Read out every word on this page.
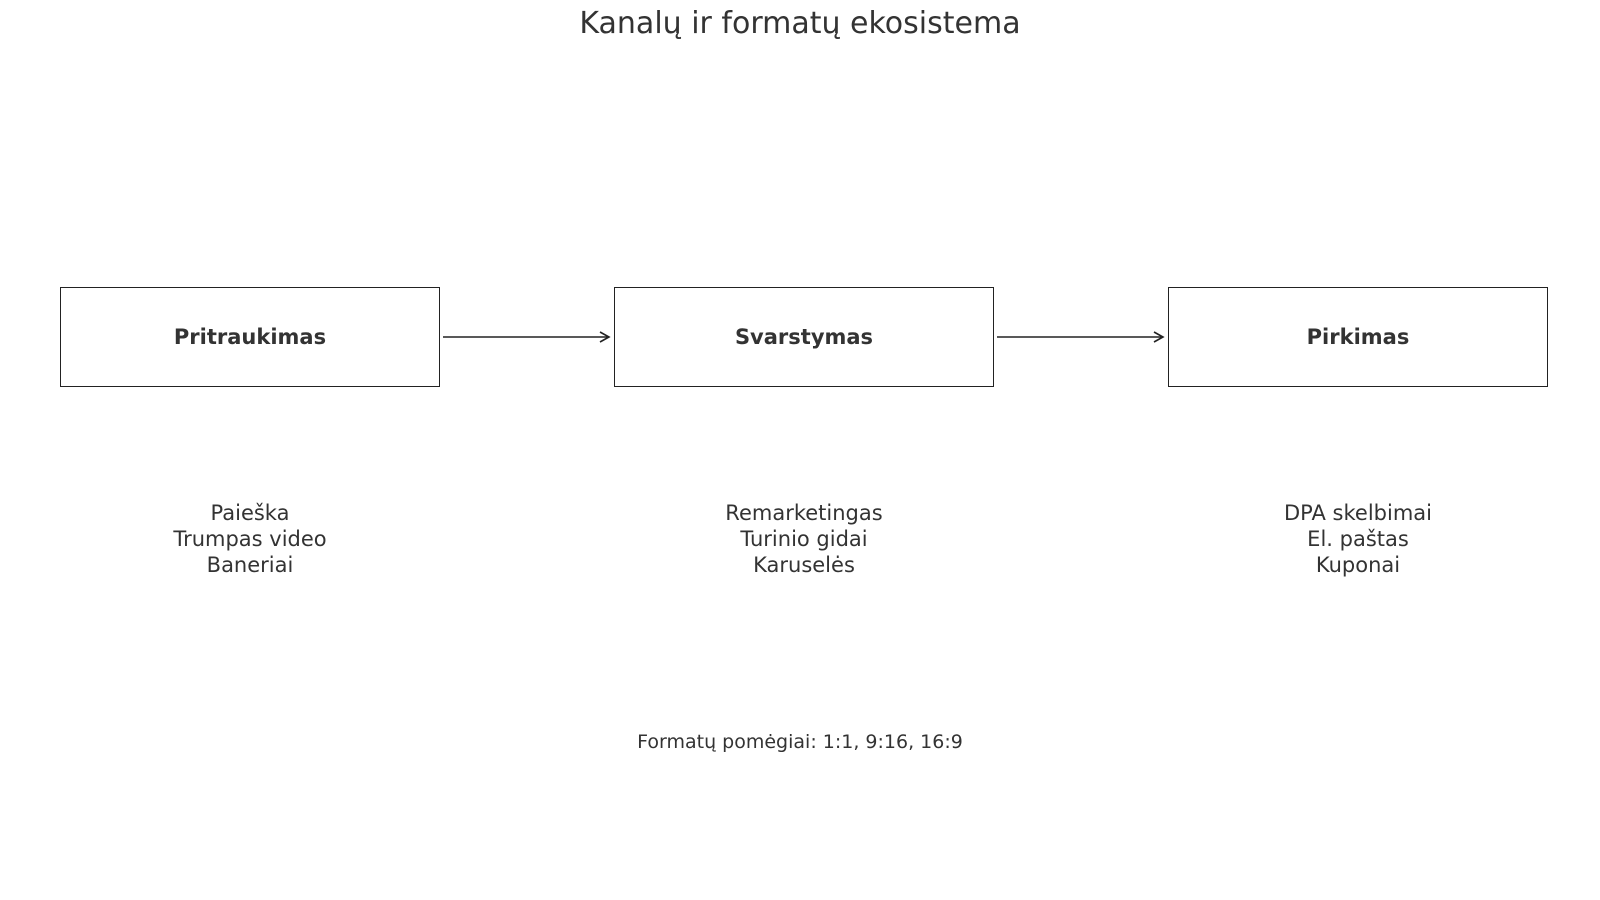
Kanalų ir formatų ekosistema
Pritraukimas	Svarstymas	Pirkimas
Paieška
Trumpas video
Baneriai
Remarketingas
Turinio gidai
Karuselės
DPA skelbimai
El. paštas
Kuponai
Formatų pomėgiai: 1:1, 9:16, 16:9
